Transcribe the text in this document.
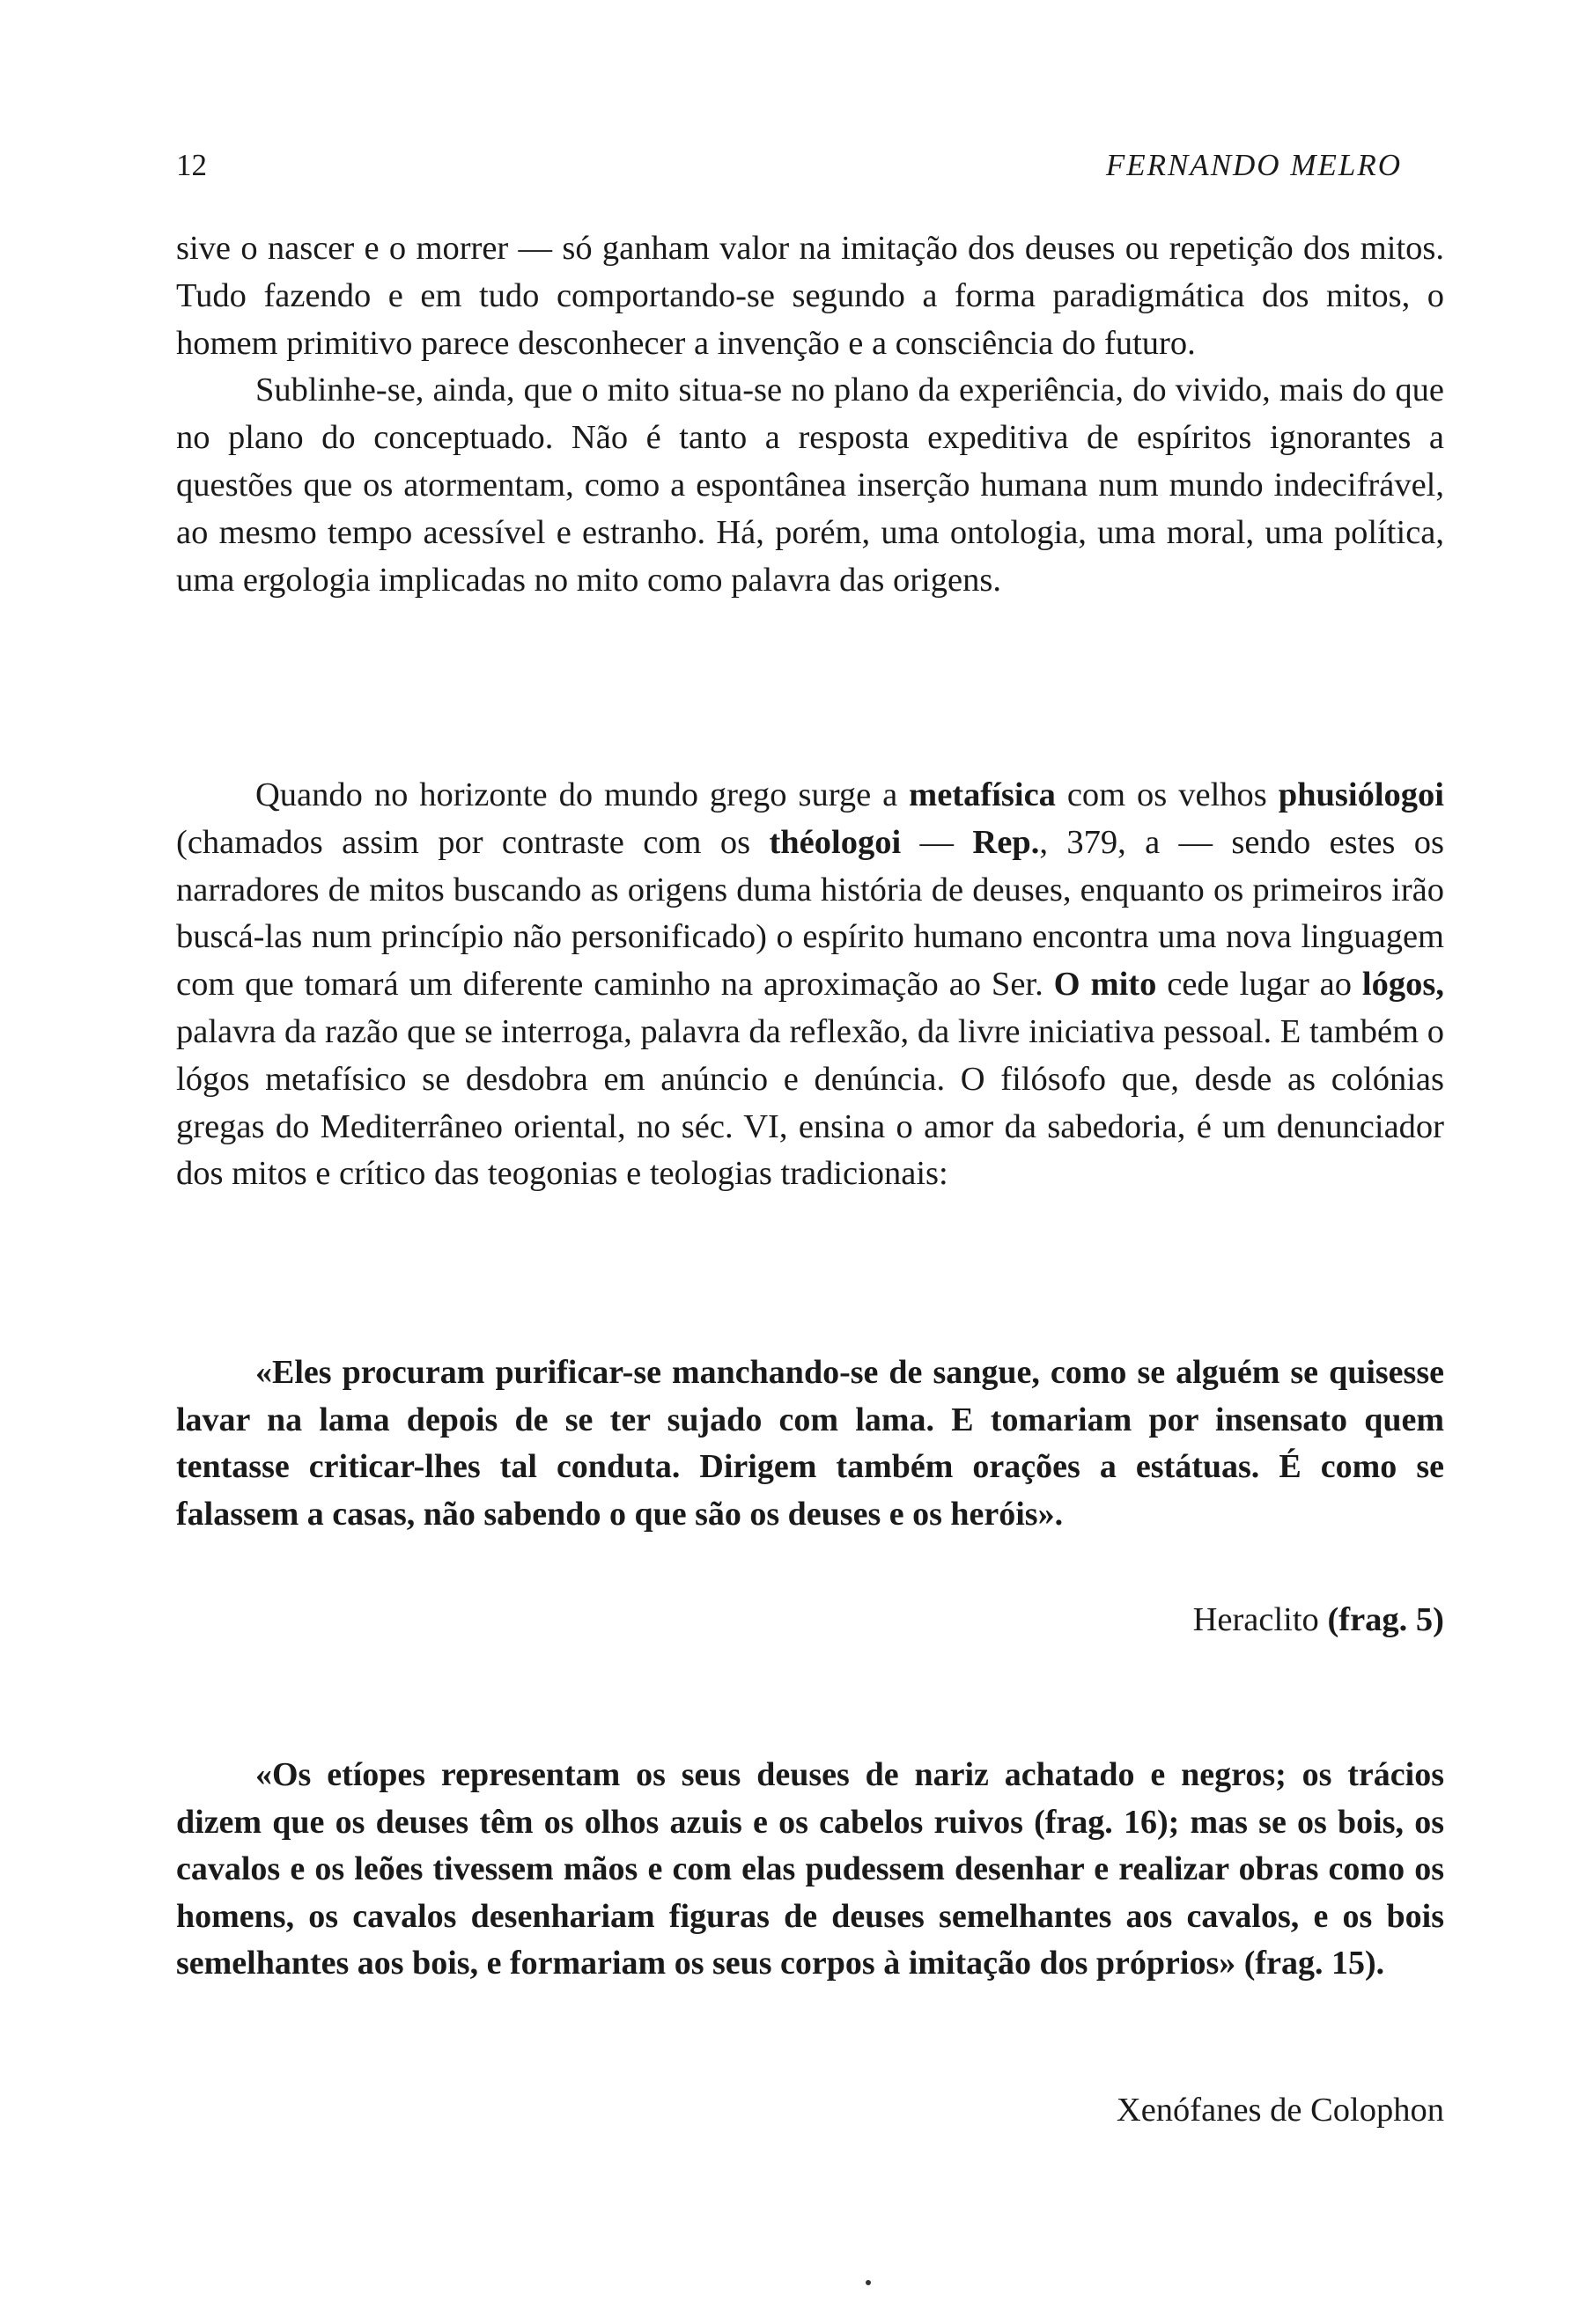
12	FERNANDO MELRO

sive o nascer e o morrer — só ganham valor na imitação dos deuses ou repetição dos mitos. Tudo fazendo e em tudo comportando-se segundo a forma paradigmática dos mitos, o homem primitivo parece desconhecer a invenção e a consciência do futuro.

Sublinhe-se, ainda, que o mito situa-se no plano da experiência, do vivido, mais do que no plano do conceptuado. Não é tanto a resposta expeditiva de espíritos ignorantes a questões que os atormentam, como a espontânea inserção humana num mundo indecifrável, ao mesmo tempo acessível e estranho. Há, porém, uma ontologia, uma moral, uma política, uma ergologia implicadas no mito como palavra das origens.

Quando no horizonte do mundo grego surge a metafísica com os velhos phusiólogoi (chamados assim por contraste com os théologoi — Rep., 379, a — sendo estes os narradores de mitos buscando as origens duma história de deuses, enquanto os primeiros irão buscá-las num princípio não personificado) o espírito humano encontra uma nova linguagem com que tomará um diferente caminho na aproximação ao Ser. O mito cede lugar ao lógos, palavra da razão que se interroga, palavra da reflexão, da livre iniciativa pessoal. E também o lógos metafísico se desdobra em anúncio e denúncia. O filósofo que, desde as colónias gregas do Mediterrâneo oriental, no séc. VI, ensina o amor da sabedoria, é um denunciador dos mitos e crítico das teogonias e teologias tradicionais:

«Eles procuram purificar-se manchando-se de sangue, como se alguém se quisesse lavar na lama depois de se ter sujado com lama. E tomariam por insensato quem tentasse criticar-lhes tal conduta. Dirigem também orações a estátuas. É como se falassem a casas, não sabendo o que são os deuses e os heróis».
Heraclito (frag. 5)
«Os etíopes representam os seus deuses de nariz achatado e negros; os trácios dizem que os deuses têm os olhos azuis e os cabelos ruivos (frag. 16); mas se os bois, os cavalos e os leões tivessem mãos e com elas pudessem desenhar e realizar obras como os homens, os cavalos desenhariam figuras de deuses semelhantes aos cavalos, e os bois semelhantes aos bois, e formariam os seus corpos à imitação dos próprios» (frag. 15).
Xenófanes de Colophon
